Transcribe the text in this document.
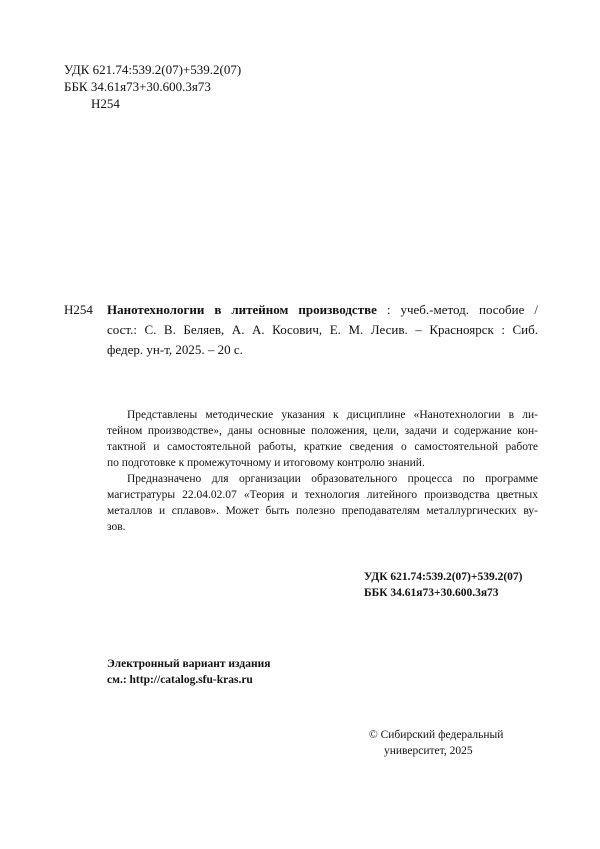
УДК 621.74:539.2(07)+539.2(07)
ББК 34.61я73+30.600.3я73
Н254
Н254 Нанотехнологии в литейном производстве : учеб.-метод. пособие /

сост.: С. В. Беляев, А. А. Косович, Е. М. Лесив. – Красноярск : Сиб.

федер. ун-т, 2025. – 20 с.

Представлены методические указания к дисциплине «Нанотехнологии в ли-

тейном производстве», даны основные положения, цели, задачи и содержание кон-

тактной и самостоятельной работы, краткие сведения о самостоятельной работе

по подготовке к промежуточному и итоговому контролю знаний.

Предназначено для организации образовательного процесса по программе

магистратуры 22.04.02.07 «Теория и технология литейного производства цветных

металлов и сплавов». Может быть полезно преподавателям металлургических ву-

зов.

УДК 621.74:539.2(07)+539.2(07)
ББК 34.61я73+30.600.3я73
Электронный вариант издания
см.: http://catalog.sfu-kras.ru
© Сибирский федеральный
университет, 2025
